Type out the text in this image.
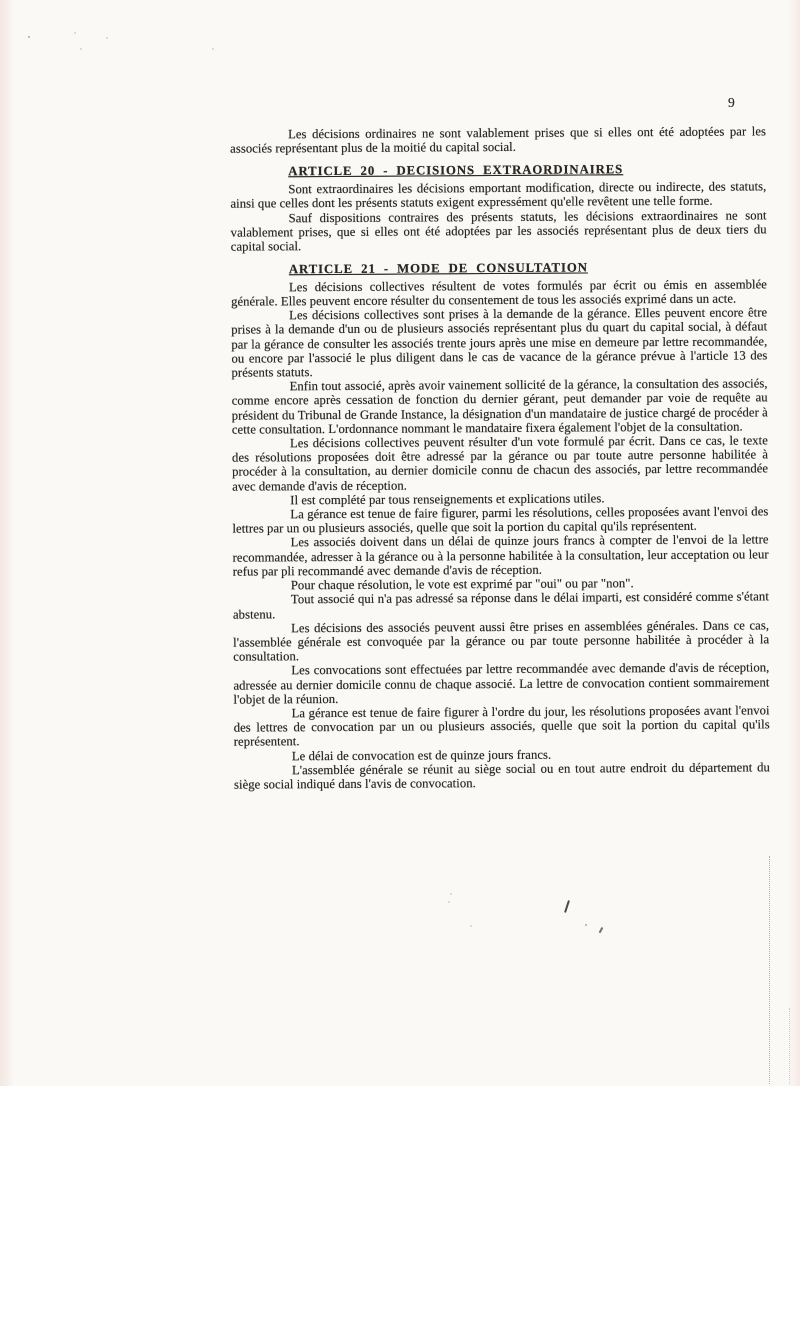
9

Les décisions ordinaires ne sont valablement prises que si elles ont été adoptées par les associés représentant plus de la moitié du capital social.

ARTICLE 20 - DECISIONS EXTRAORDINAIRES

Sont extraordinaires les décisions emportant modification, directe ou indirecte, des statuts, ainsi que celles dont les présents statuts exigent expressément qu'elle revêtent une telle forme.

Sauf dispositions contraires des présents statuts, les décisions extraordinaires ne sont valablement prises, que si elles ont été adoptées par les associés représentant plus de deux tiers du capital social.

ARTICLE 21 - MODE DE CONSULTATION

Les décisions collectives résultent de votes formulés par écrit ou émis en assemblée générale. Elles peuvent encore résulter du consentement de tous les associés exprimé dans un acte.

Les décisions collectives sont prises à la demande de la gérance. Elles peuvent encore être prises à la demande d'un ou de plusieurs associés représentant plus du quart du capital social, à défaut par la gérance de consulter les associés trente jours après une mise en demeure par lettre recommandée, ou encore par l'associé le plus diligent dans le cas de vacance de la gérance prévue à l'article 13 des présents statuts.

Enfin tout associé, après avoir vainement sollicité de la gérance, la consultation des associés, comme encore après cessation de fonction du dernier gérant, peut demander par voie de requête au président du Tribunal de Grande Instance, la désignation d'un mandataire de justice chargé de procéder à cette consultation. L'ordonnance nommant le mandataire fixera également l'objet de la consultation.

Les décisions collectives peuvent résulter d'un vote formulé par écrit. Dans ce cas, le texte des résolutions proposées doit être adressé par la gérance ou par toute autre personne habilitée à procéder à la consultation, au dernier domicile connu de chacun des associés, par lettre recommandée avec demande d'avis de réception.

Il est complété par tous renseignements et explications utiles.

La gérance est tenue de faire figurer, parmi les résolutions, celles proposées avant l'envoi des lettres par un ou plusieurs associés, quelle que soit la portion du capital qu'ils représentent.

Les associés doivent dans un délai de quinze jours francs à compter de l'envoi de la lettre recommandée, adresser à la gérance ou à la personne habilitée à la consultation, leur acceptation ou leur refus par pli recommandé avec demande d'avis de réception.

Pour chaque résolution, le vote est exprimé par "oui" ou par "non".

Tout associé qui n'a pas adressé sa réponse dans le délai imparti, est considéré comme s'étant abstenu.

Les décisions des associés peuvent aussi être prises en assemblées générales. Dans ce cas, l'assemblée générale est convoquée par la gérance ou par toute personne habilitée à procéder à la consultation.

Les convocations sont effectuées par lettre recommandée avec demande d'avis de réception, adressée au dernier domicile connu de chaque associé. La lettre de convocation contient sommairement l'objet de la réunion.

La gérance est tenue de faire figurer à l'ordre du jour, les résolutions proposées avant l'envoi des lettres de convocation par un ou plusieurs associés, quelle que soit la portion du capital qu'ils représentent.

Le délai de convocation est de quinze jours francs.

L'assemblée générale se réunit au siège social ou en tout autre endroit du département du siège social indiqué dans l'avis de convocation.
